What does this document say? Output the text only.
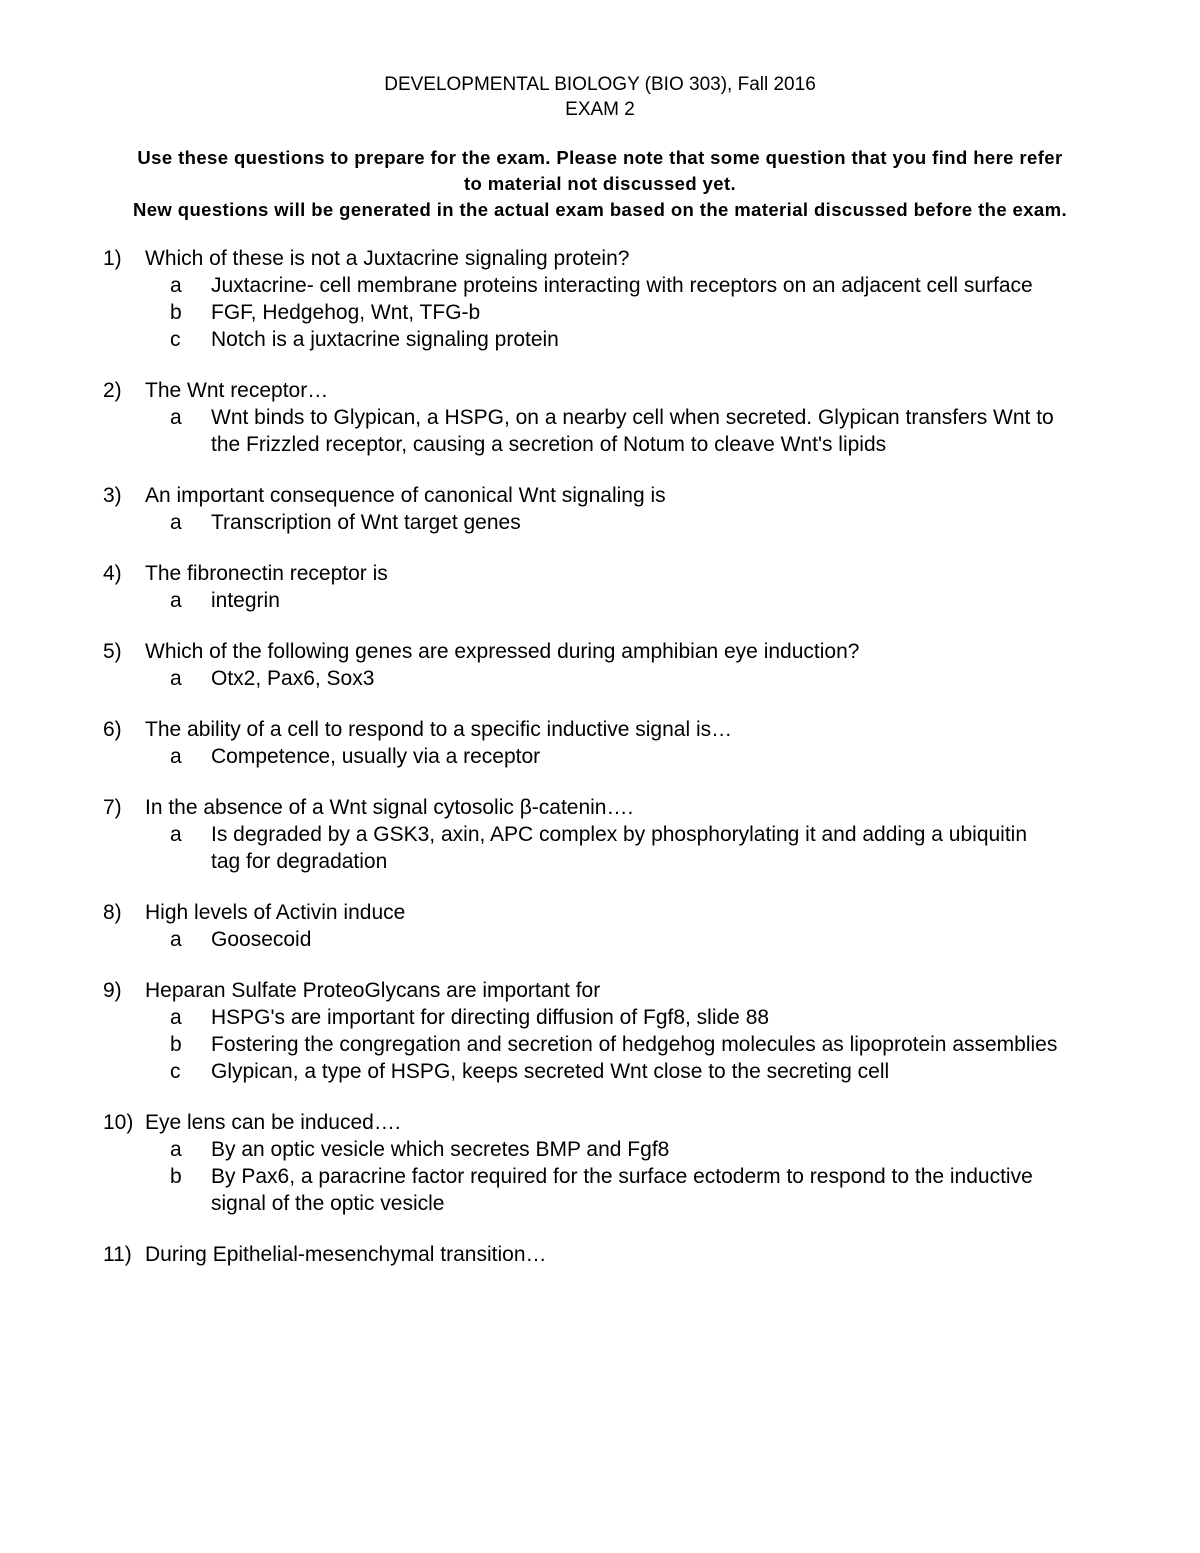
DEVELOPMENTAL BIOLOGY (BIO 303), Fall 2016
EXAM 2
Use these questions to prepare for the exam. Please note that some question that you find here refer
to material not discussed yet.
New questions will be generated in the actual exam based on the material discussed before the exam.
1)	Which of these is not a Juxtacrine signaling protein?
a	Juxtacrine- cell membrane proteins interacting with receptors on an adjacent cell surface
b	FGF, Hedgehog, Wnt, TFG-b
c	Notch is a juxtacrine signaling protein
2)	The Wnt receptor…
a	Wnt binds to Glypican, a HSPG, on a nearby cell when secreted. Glypican transfers Wnt to the Frizzled receptor, causing a secretion of Notum to cleave Wnt's lipids
3)	An important consequence of canonical Wnt signaling is
a	Transcription of Wnt target genes
4)	The fibronectin receptor is
a	integrin
5)	Which of the following genes are expressed during amphibian eye induction?
a	Otx2, Pax6, Sox3
6)	The ability of a cell to respond to a specific inductive signal is…
a	Competence, usually via a receptor
7)	In the absence of a Wnt signal cytosolic β-catenin….
a	Is degraded by a GSK3, axin, APC complex by phosphorylating it and adding a ubiquitin tag for degradation
8)	High levels of Activin induce
a	Goosecoid
9)	Heparan Sulfate ProteoGlycans are important for
a	HSPG's are important for directing diffusion of Fgf8, slide 88
b	Fostering the congregation and secretion of hedgehog molecules as lipoprotein assemblies
c	Glypican, a type of HSPG, keeps secreted Wnt close to the secreting cell
10) Eye lens can be induced….
a	By an optic vesicle which secretes BMP and Fgf8
b	By Pax6, a paracrine factor required for the surface ectoderm to respond to the inductive signal of the optic vesicle
11) During Epithelial-mesenchymal transition…
